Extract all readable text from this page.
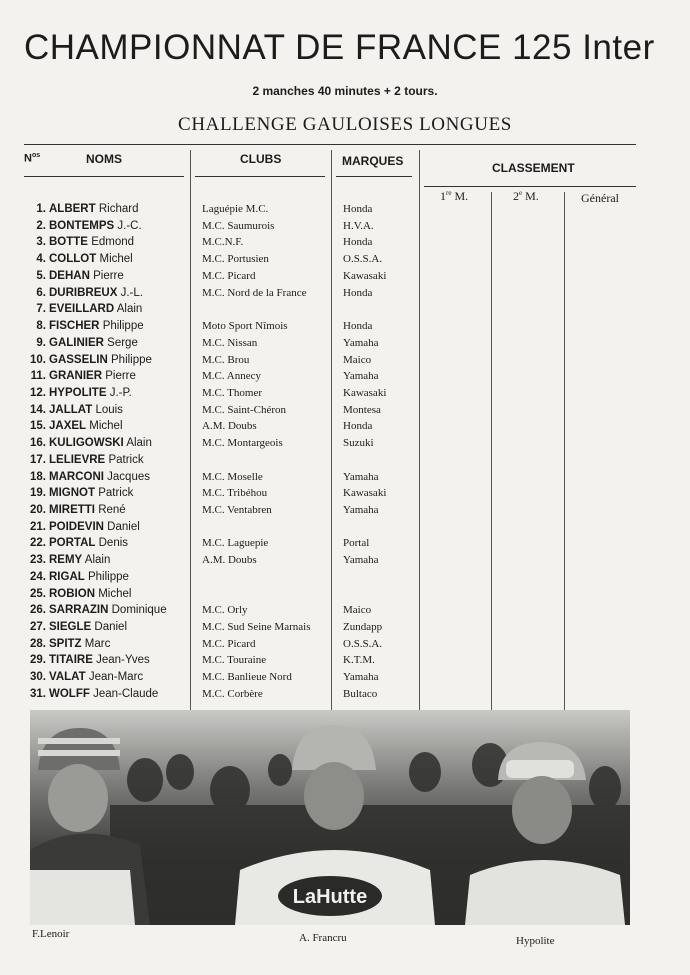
CHAMPIONNAT DE FRANCE 125 Inter
2 manches 40 minutes + 2 tours.
CHALLENGE GAULOISES LONGUES
$N^{os}$	NOMS	CLUBS	MARQUES	CLASSEMENT
1re M.	2e M.	Général
1. ALBERT Richard	Laguépie M.C.	Honda
2. BONTEMPS J.-C.	M.C. Saumurois	H.V.A.
3. BOTTE Edmond	M.C.N.F.	Honda
4. COLLOT Michel	M.C. Portusien	O.S.S.A.
5. DEHAN Pierre	M.C. Picard	Kawasaki
6. DURIBREUX J.-L.	M.C. Nord de la France	Honda
7. EVEILLARD Alain
8. FISCHER Philippe	Moto Sport Nîmois	Honda
9. GALINIER Serge	M.C. Nissan	Yamaha
10. GASSELIN Philippe	M.C. Brou	Maico
11. GRANIER Pierre	M.C. Annecy	Yamaha
12. HYPOLITE J.-P.	M.C. Thomer	Kawasaki
14. JALLAT Louis	M.C. Saint-Chéron	Montesa
15. JAXEL Michel	A.M. Doubs	Honda
16. KULIGOWSKI Alain	M.C. Montargeois	Suzuki
17. LELIEVRE Patrick
18. MARCONI Jacques	M.C. Moselle	Yamaha
19. MIGNOT Patrick	M.C. Tribéhou	Kawasaki
20. MIRETTI René	M.C. Ventabren	Yamaha
21. POIDEVIN Daniel
22. PORTAL Denis	M.C. Laguepie	Portal
23. REMY Alain	A.M. Doubs	Yamaha
24. RIGAL Philippe
25. ROBION Michel
26. SARRAZIN Dominique	M.C. Orly	Maico
27. SIEGLE Daniel	M.C. Sud Seine Marnais	Zundapp
28. SPITZ Marc	M.C. Picard	O.S.S.A.
29. TITAIRE Jean-Yves	M.C. Touraine	K.T.M.
30. VALAT Jean-Marc	M.C. Banlieue Nord	Yamaha
31. WOLFF Jean-Claude	M.C. Corbère	Bultaco
LaHutte
F.Lenoir	A. Francru	Hypolite
